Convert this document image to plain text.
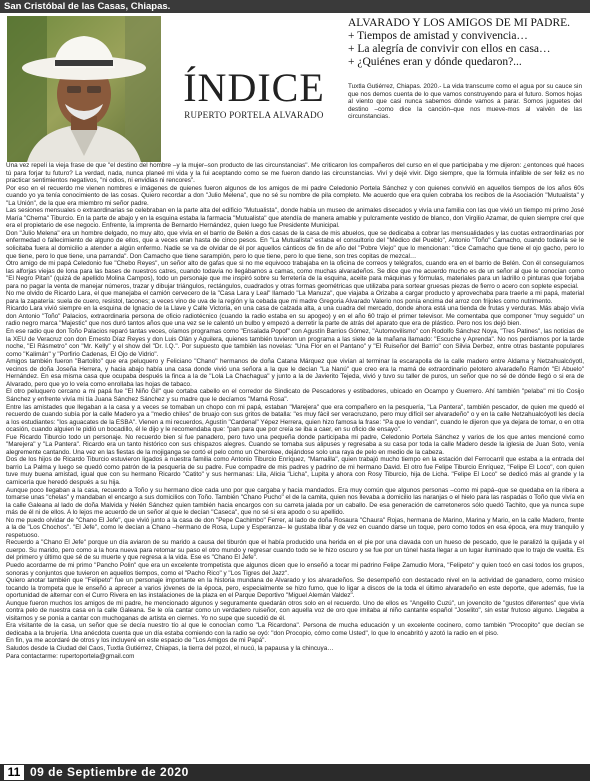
San Cristóbal de las Casas, Chiapas.
ÍNDICE
RUPERTO PORTELA ALVARADO
ALVARADO Y LOS AMIGOS DE MI PADRE.
+ Tiempos de amistad y convivencia…
+ La alegría de convivir con ellos en casa…
+ ¿Quiénes eran y dónde quedaron?...
Tuxtla Gutiérrez, Chiapas. 2020.- La vida transcurre como el agua por su cauce sin que nos demos cuenta de lo que vamos construyendo para el futuro. Somos hojas al viento que casi nunca sabemos dónde vamos a parar. Somos juguetes del destino –como dice la canción–que nos mueve-mos al vaivén de las circunstancias.

Una vez repelí la vieja frase de que "el destino del hombre –y la mujer–son producto de las circunstancias". Me criticaron los compañeros del curso en el que participaba y me dijeron: ¿entonces qué haces tú para forjar tu futuro? La verdad, nada, nunca planeé mi vida y la fui aceptando como se me fueron dando las circunstancias. Viví y dejé vivir. Digo siempre, que la fórmula infalible de ser feliz es no practicar sentimientos negativos, "ni odios, ni envidias ni rencores".

Por eso en el recuerdo me vienen nombres e imágenes de quienes fueron algunos de los amigos de mi padre Celedonio Portela Sánchez y con quienes convivió en aquellos tiempos de los años 60s cuando yo ya tenía conocimiento de las cosas. Quiero recordar a don "Julio Melena", que no sé su nombre de pila completo. Me acuerdo que era quien cobraba los recibos de la Asociación "Mutualista" y "La Unión", de la que era miembro mi señor padre.

Las sesiones mensuales o extraordinarias se celebraban en la parte alta del edificio "Mutualista", donde había un museo de animales disecados y vivía una familia con las que vivió un tiempo mi primo José María "Chema" Tiburcio. En la parte de abajo y en la esquina estaba la farmacia "Mutualista" que atendía de manera amable y pulcramente vestido de blanco, don Virgilio Azamar, de quien siempre creí que era el propietario de ese negocio. Enfrente, la imprenta de Bernardo Hernández, quien luego fue Presidente Municipal.

Don "Julio Melena" era un hombre delgado, no muy alto, que vivía en el barrio de Belén a dos casas de la casa de mis abuelos, que se dedicaba a cobrar las mensualidades y las cuotas extraordinarias por enfermedad o fallecimiento de alguno de ellos, que a veces eran hasta de cinco pesos. En "La Mutualista" estaba el consultorio del "Médico del Pueblo", Antonio "Toño" Camacho, cuando todavía se le solicitaba fuera al domicilio a atender a algún enfermo. Nadie se va de olvidar de él por aquellos cánticos de fin de año del "Pobre Viejo" que lo mencionan: "dice Camacho que tiene el ojo gacho, pero lo que tiene, pero lo que tiene, una parranda". Don Camacho que tiene sarampión, pero lo que tiene, pero lo que tiene, son tres copitas de mezcal…

Otro amigo de mi papá Celedonio fue "Chebo Reyes", un señor alto de gafas que si no me equivoco trabajaba en la oficina de correos y telégrafos, cuando era en el barrio de Belén. Con él conseguíamos las alforjas viejas de lona para las bases de nuestros catres, cuando todavía no llegábamos a camas, como muchas alvaradeños. Se dice que me acuerdo mucho es de un señor al que le conocían como "El Negro Pitan" (quizá de apellido Molina Campos), todo un personaje que me inspiró sobre su ferretería de la esquina, aceite para máquinas y fórmulas, materiales para un ladrillo o pinturas que forjaba para no pagar la venta de manejar números, trazar y dibujar triángulos, rectángulos, cuadrados y otras formas geométricas que utilizaba para sortear gruesas piezas de fierro o acero con soplete especial.

No me olvido de Ricardo Lara, el que manejaba el camión cervecero de la "Casa Lara y Leal" llamado "La Manuza", que viajaba a Orizaba a cargar producto y aprovechaba para traerle a mi papá, material para la zapatería: suela de cuero, resistol, tacones; a veces vino de uva de la región y la cebada que mi madre Gregoria Alvarado Valerio nos ponía encima del arroz con frijoles como nutrimento.

Ricardo Lara vivió siempre en la esquina de Ignacio de la Llave y Calle Victoria, en una casa de calzada alta, a una cuadra del mercado, donde ahora está una tienda de frutas y verduras. Más abajo vivía don Antonio "Toño" Palacios, extraordinaria persona de oficio radiotécnico (cuando la radio estaba en su apogeo) y en el año 60 trajo el primer televisor. Me comentaba que componer "muy seguido" un radio negro marca "Majestic" que nos duró tantos años que una vez se le calentó un bulbo y empezó a derretir la parte de atrás del aparato que era de plástico. Pero nos los dejó bien.

En ese radio que don Toño Palacios reparó tantas veces, oíamos programas como "Ensalada Popof" con Agustín Barrios Gómez, "Automovilismo" con Rodolfo Sánchez Noya, "Tres Patines", las noticias de la XEU de Veracruz con don Ernesto Díaz Reyes y don Luis Olán y Aguilera, quienes también tuvieron un programa a las siete de la mañana llamado: "Escuche y Aprenda". No nos perdíamos por la tarde noche, "El Rásmetro" con "Mr. Kelly" y el show del "Dr. I.Q.". Por supuesto que también las novelas: "Una Flor en el Pantano" y "El Ruiseñor del Barrio" con Silvia Derbez, entre otras bastante populares como "Kalimán" y "Porfirio Cadenas, El Ojo de Vidrio".

Amigos también fueron "Bartolito" que era peluquero y Feliciano "Chano" hermanos de doña Catana Márquez que vivían al terminar la escarapolla de la calle madero entre Aldama y Netzahualcóyotl, vecinos de doña Joseña Herrera, y hacia abajo había una casa donde vivió una señora a la que le decían "La Nanú" que creo era la mamá de extraordinario pelotero alvaradeño Ramón "El Abuelo" Hernández. En esa misma casa que ocupaba después la finca a la de "Lola La Chachagua" y junto a la de Javierito Tejeda, vivió y tuvo su taller de puros, un señor que no sé de dónde llegó o si era de Alvarado, pero que yo lo veía como enrollaba las hojas de tabaco.

El otro peluquero cercano a mi papá fue "El Niño Gil" que cortaba cabello en el corredor de Sindicato de Pescadores y estibadores, ubicado en Ocampo y Guerrero. Ahí también "pelaba" mi tío Cosijo Sánchez y enfrente vivía mi tía Juana Sánchez Sánchez y su madre que le decíamos "Mamá Rosa".

Entre las amistades que llegaban a la casa y a veces se tomaban un chopo con mi papá, estaban "Marejera" que era compañero en la pesquería, "La Pantera", también pescador, de quien me quedó el recuerdo de cuando subía por la calle Madero ya a "medio chiles" de bruajo con sus gritos de batalla: "es muy fácil ser veracruzano, pero muy difícil ser alvaradeño" o y en la calle Netzahualcóyotl les decía a los estudiantes: "los aguacates de la ESBA". Vienen a mi recuerdos, Agustín "Cardenal" Yépez Herrera, quien hizo famosa la frase: "Pa que lo vendan", cuando le dijeron que ya dejara de tomar, o en otra ocasión, cuando alguien le pidió un bocadillo, él le dijo y le recomendaba que: "pan para que por creía se iba a caer, en su oficio de ensayo".

Fue Ricardo Tiburcio todo un personaje. No recuerdo bien si fue panadero, pero tuvo una pequeña donde participaba mi padre, Celedonio Portela Sánchez y varios de los que antes mencioné como "Marejera" y "La Pantera". Ricardo era un tanto histórico con sus chispazos alegres. Cuando se tomaba sus alipuses y regresaba a su casa por toda la calle Madero desde la iglesia de Juan Soto, venía alegremente cantando. Una vez en las fiestas de la mojiganga se cortó el pelo como un Cherokee, dejándose solo una raya de pelo en medio de la cabeza.

Dos de los hijos de Ricardo Tiburcio estuvieron ligados a nuestra familia como Antonio Tiburcio Enríquez, "Mamalila", quien trabajó mucho tiempo en la estación del Ferrocarril que estaba a la entrada del barrio La Palma y luego se quedó como patrón de la pesquería de su padre. Fue compadre de mis padres y padrino de mi hermano David. El otro fue Felipe Tiburcio Enríquez, "Felipe El Loco", con quien tuve muy buena amistad, igual que con su hermano Ricardo "Catito" y sus hermanas: Lila, Alicia "Licha", Lupita y ahora con Rosy Tiburcio, hija de Licha. "Felipe El Loco" se dedicó más al grande y la carnicería que heredó después a su hija.

Aunque poco llegaban a la casa, recuerdo a Toño y su hermano dice cada uno por que cargaba y hacia mandados. Era muy común que algunos personas –como mi papá–que se quedaba en la ribera a tomarse unas "chelas" y mandaban el encargo a sus domicilios con Toño. También "Chano Pucho" el de la camita, quien nos llevaba a domicilio las naranjas o el hielo para las raspadas o Toño que vivía en la calle Galeana al lado de doña Malvida y Nelén Sánchez quien también hacia encargos con su carreta jalada por un caballo. De esa generación de carretoneros sólo quedó Tachito, que ya nunca supe más de él ni de ellos. A lo lejos me acuerdo de un señor al que le decían "Caseca", que no sé si era apodo o su apellido.

No me puedo olvidar de "Chano El Jefe", que vivió junto a la casa de don "Pepe Cachimbo" Ferrer, al lado de doña Rosaura "Chaura" Rojas, hermana de Marino, Marina y Mario, en la calle Madero, frente a la de "Los Chochos". "El Jefe", como le decían a Chano –hermano de Rosa, Lupe y Esperanza– le gustaba libar y de vez en cuando darse un toque, pero como todos en esa época, era muy tranquilo y respetuoso.

Recuerdo a "Chano El Jefe" porque un día aviaron de su marido a causa del tiburón que el había producido una herida en el pie por una clavada con un hueso de pescado, que le paralizó la quijada y el cuerpo. Su marido, pero como a la hora nueva para retomar su paso el otro mundo y regresar cuando todo se le hizo oscuro y se fue por un túnel hasta llegar a un lugar iluminado que lo trajo de vuelta. Es del primero y último que sé de su muerte y que regresa a la vida. Ese es "Chano El Jefe".

Puedo acordarme de mi primo "Pancho Polin" que era un excelente trompetista que algunos dicen que lo enseñó a tocar mi padrino Felipe Zamudio Mora, "Felipeto" y quien tocó en casi todos los grupos, sonoras y conjuntos que tuvieron en aquellos tiempos, como el "Pacho Rico" y "Los Tigres del Jazz".

Quiero anotar también que "Felipeto" fue un personaje importante en la historia mundana de Alvarado y los alvaradeños. Se desempeñó con destacado nivel en la actividad de ganadero, como músico tocando la trompeta que le enseñó a aprecer a varios jóvenes de la época, pero, especialmente se hizo fumo, que lo ligar a discos de la toda el último alvaradeño en este deporte, que además, fue la oportunidad de alternar con el Curro Rivera en las instalaciones de la plaza en el Parque Deportivo "Miguel Alemán Valdez".

Aunque fueron muchos los amigos de mi padre, he mencionado algunos y seguramente quedarán otros solo en el recuerdo. Uno de ellos es "Angelito Cuzú", un jovencito de "gustos diferentes" que vivía contra pelo de nuestra casa en la calle Galeana. Se le oía cantar como un verdadero ruiseñor, con aquella voz de oro que imitaba al niño cantante español "Joselito", sin estar frutoso alguno. Llegaba a visitarnos y se ponía a cantar con muchoganas de artista en ciernes. Yo no supe que sucedió de él.

Era visitante de la casa, un señor que se decía nuestro tío al que le conocían como "La Ricardona". Persona de mucha educación y un excelente cocinero, como también "Procopito" que decían se dedicaba a la brujería. Una anécdota cuenta que un día estaba comiendo con la radio se oyó: "don Procopio, cómo come Usted", lo que lo encabritó y azotó la radio en el piso.

En fin, ya me acordaré de otros y los incluyeré en este espacio de "Los Amigos de mi Papá".

Saludos desde la Ciudad del Caos, Tuxtla Gutiérrez, Chiapas, la tierra del pozol, el nucú, la papausa y la chincuya…

Para contactarme: rupertoportela@gmail.com

11 09 de Septiembre de 2020
